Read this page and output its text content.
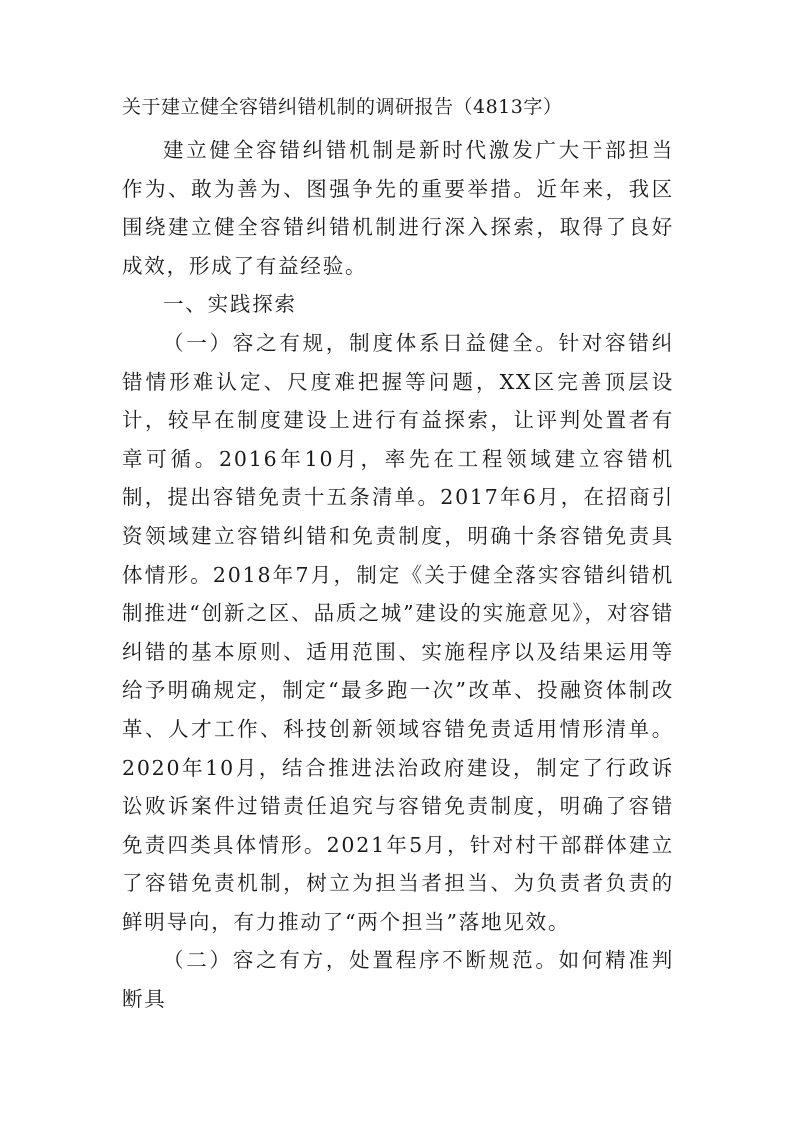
关于建立健全容错纠错机制的调研报告（4813字）

建立健全容错纠错机制是新时代激发广大干部担当作为、敢为善为、图强争先的重要举措。近年来，我区围绕建立健全容错纠错机制进行深入探索，取得了良好成效，形成了有益经验。

一、实践探索

（一）容之有规，制度体系日益健全。针对容错纠错情形难认定、尺度难把握等问题，XX区完善顶层设计，较早在制度建设上进行有益探索，让评判处置者有章可循。2016年10月，率先在工程领域建立容错机制，提出容错免责十五条清单。2017年6月，在招商引资领域建立容错纠错和免责制度，明确十条容错免责具体情形。2018年7月，制定《关于健全落实容错纠错机制推进“创新之区、品质之城”建设的实施意见》，对容错纠错的基本原则、适用范围、实施程序以及结果运用等给予明确规定，制定“最多跑一次”改革、投融资体制改革、人才工作、科技创新领域容错免责适用情形清单。2020年10月，结合推进法治政府建设，制定了行政诉讼败诉案件过错责任追究与容错免责制度，明确了容错免责四类具体情形。2021年5月，针对村干部群体建立了容错免责机制，树立为担当者担当、为负责者负责的鲜明导向，有力推动了“两个担当”落地见效。

（二）容之有方，处置程序不断规范。如何精准判断具
